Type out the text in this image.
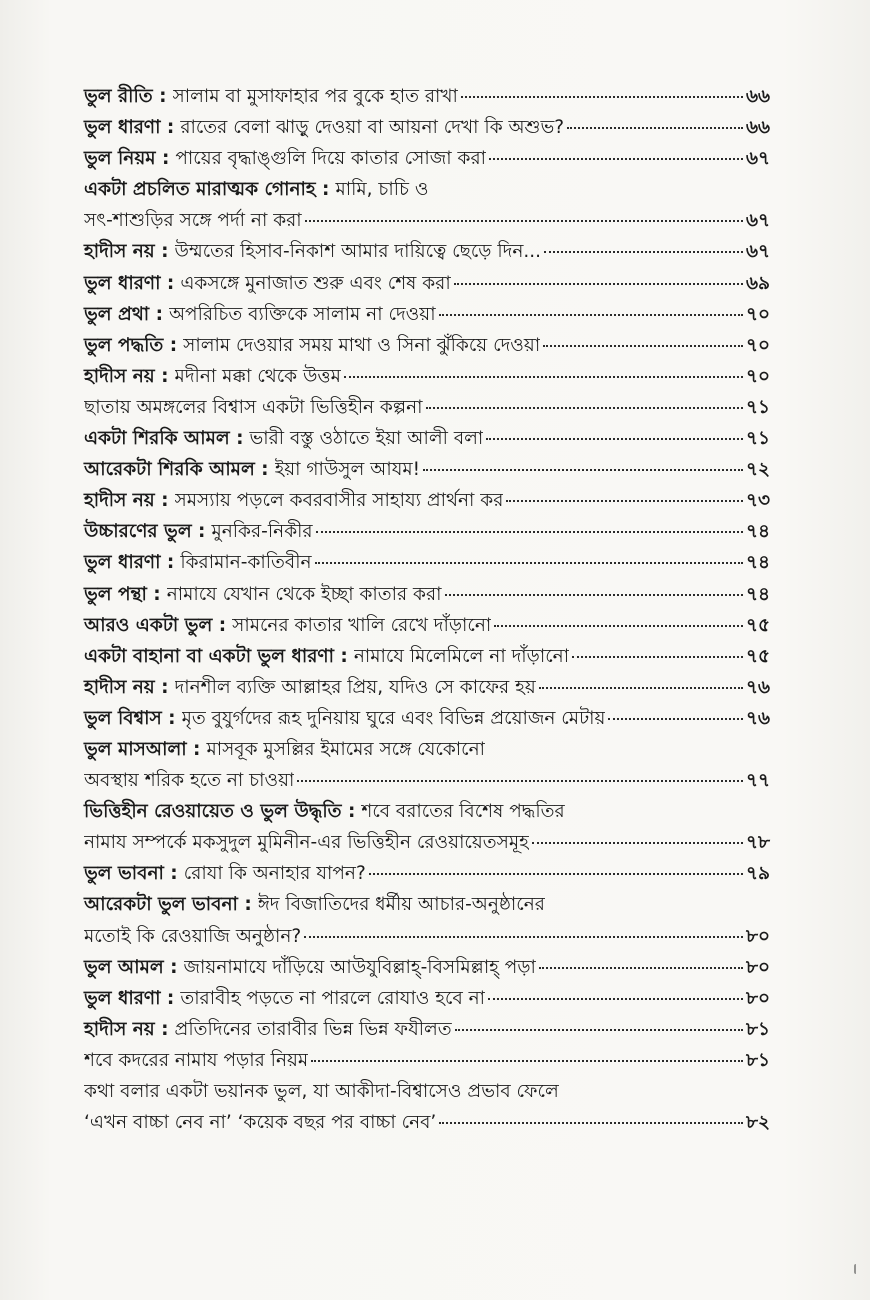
ভুল রীতি : সালাম বা মুসাফাহার পর বুকে হাত রাখা	৬৬
ভুল ধারণা : রাতের বেলা ঝাড়ু দেওয়া বা আয়না দেখা কি অশুভ?	৬৬
ভুল নিয়ম : পায়ের বৃদ্ধাঙ্গুলি দিয়ে কাতার সোজা করা	৬৭
একটা প্রচলিত মারাত্মক গোনাহ : মামি, চাচি ও
সৎ-শাশুড়ির সঙ্গে পর্দা না করা	৬৭
হাদীস নয় : উম্মতের হিসাব-নিকাশ আমার দায়িত্বে ছেড়ে দিন...	৬৭
ভুল ধারণা : একসঙ্গে মুনাজাত শুরু এবং শেষ করা	৬৯
ভুল প্রথা : অপরিচিত ব্যক্তিকে সালাম না দেওয়া	৭০
ভুল পদ্ধতি : সালাম দেওয়ার সময় মাথা ও সিনা ঝুঁকিয়ে দেওয়া	৭০
হাদীস নয় : মদীনা মক্কা থেকে উত্তম	৭০
ছাতায় অমঙ্গলের বিশ্বাস একটা ভিত্তিহীন কল্পনা	৭১
একটা শিরকি আমল : ভারী বস্তু ওঠাতে ইয়া আলী বলা	৭১
আরেকটা শিরকি আমল : ইয়া গাউসুল আযম!	৭২
হাদীস নয় : সমস্যায় পড়লে কবরবাসীর সাহায্য প্রার্থনা কর	৭৩
উচ্চারণের ভুল : মুনকির-নিকীর	৭৪
ভুল ধারণা : কিরামান-কাতিবীন	৭৪
ভুল পন্থা : নামাযে যেখান থেকে ইচ্ছা কাতার করা	৭৪
আরও একটা ভুল : সামনের কাতার খালি রেখে দাঁড়ানো	৭৫
একটা বাহানা বা একটা ভুল ধারণা : নামাযে মিলেমিলে না দাঁড়ানো	৭৫
হাদীস নয় : দানশীল ব্যক্তি আল্লাহর প্রিয়, যদিও সে কাফের হয়	৭৬
ভুল বিশ্বাস : মৃত বুযুর্গদের রূহ দুনিয়ায় ঘুরে এবং বিভিন্ন প্রয়োজন মেটায়	৭৬
ভুল মাসআলা : মাসবূক মুসল্লির ইমামের সঙ্গে যেকোনো
অবস্থায় শরিক হতে না চাওয়া	৭৭
ভিত্তিহীন রেওয়ায়েত ও ভুল উদ্ধৃতি : শবে বরাতের বিশেষ পদ্ধতির
নামায সম্পর্কে মকসুদুল মুমিনীন-এর ভিত্তিহীন রেওয়ায়েতসমূহ	৭৮
ভুল ভাবনা : রোযা কি অনাহার যাপন?	৭৯
আরেকটা ভুল ভাবনা : ঈদ বিজাতিদের ধর্মীয় আচার-অনুষ্ঠানের
মতোই কি রেওয়াজি অনুষ্ঠান?	৮০
ভুল আমল : জায়নামাযে দাঁড়িয়ে আউযুবিল্লাহ্-বিসমিল্লাহ্ পড়া	৮০
ভুল ধারণা : তারাবীহ পড়তে না পারলে রোযাও হবে না	৮০
হাদীস নয় : প্রতিদিনের তারাবীর ভিন্ন ভিন্ন ফযীলত	৮১
শবে কদরের নামায পড়ার নিয়ম	৮১
কথা বলার একটা ভয়ানক ভুল, যা আকীদা-বিশ্বাসেও প্রভাব ফেলে
‘এখন বাচ্চা নেব না’ ‘কয়েক বছর পর বাচ্চা নেব’	৮২
